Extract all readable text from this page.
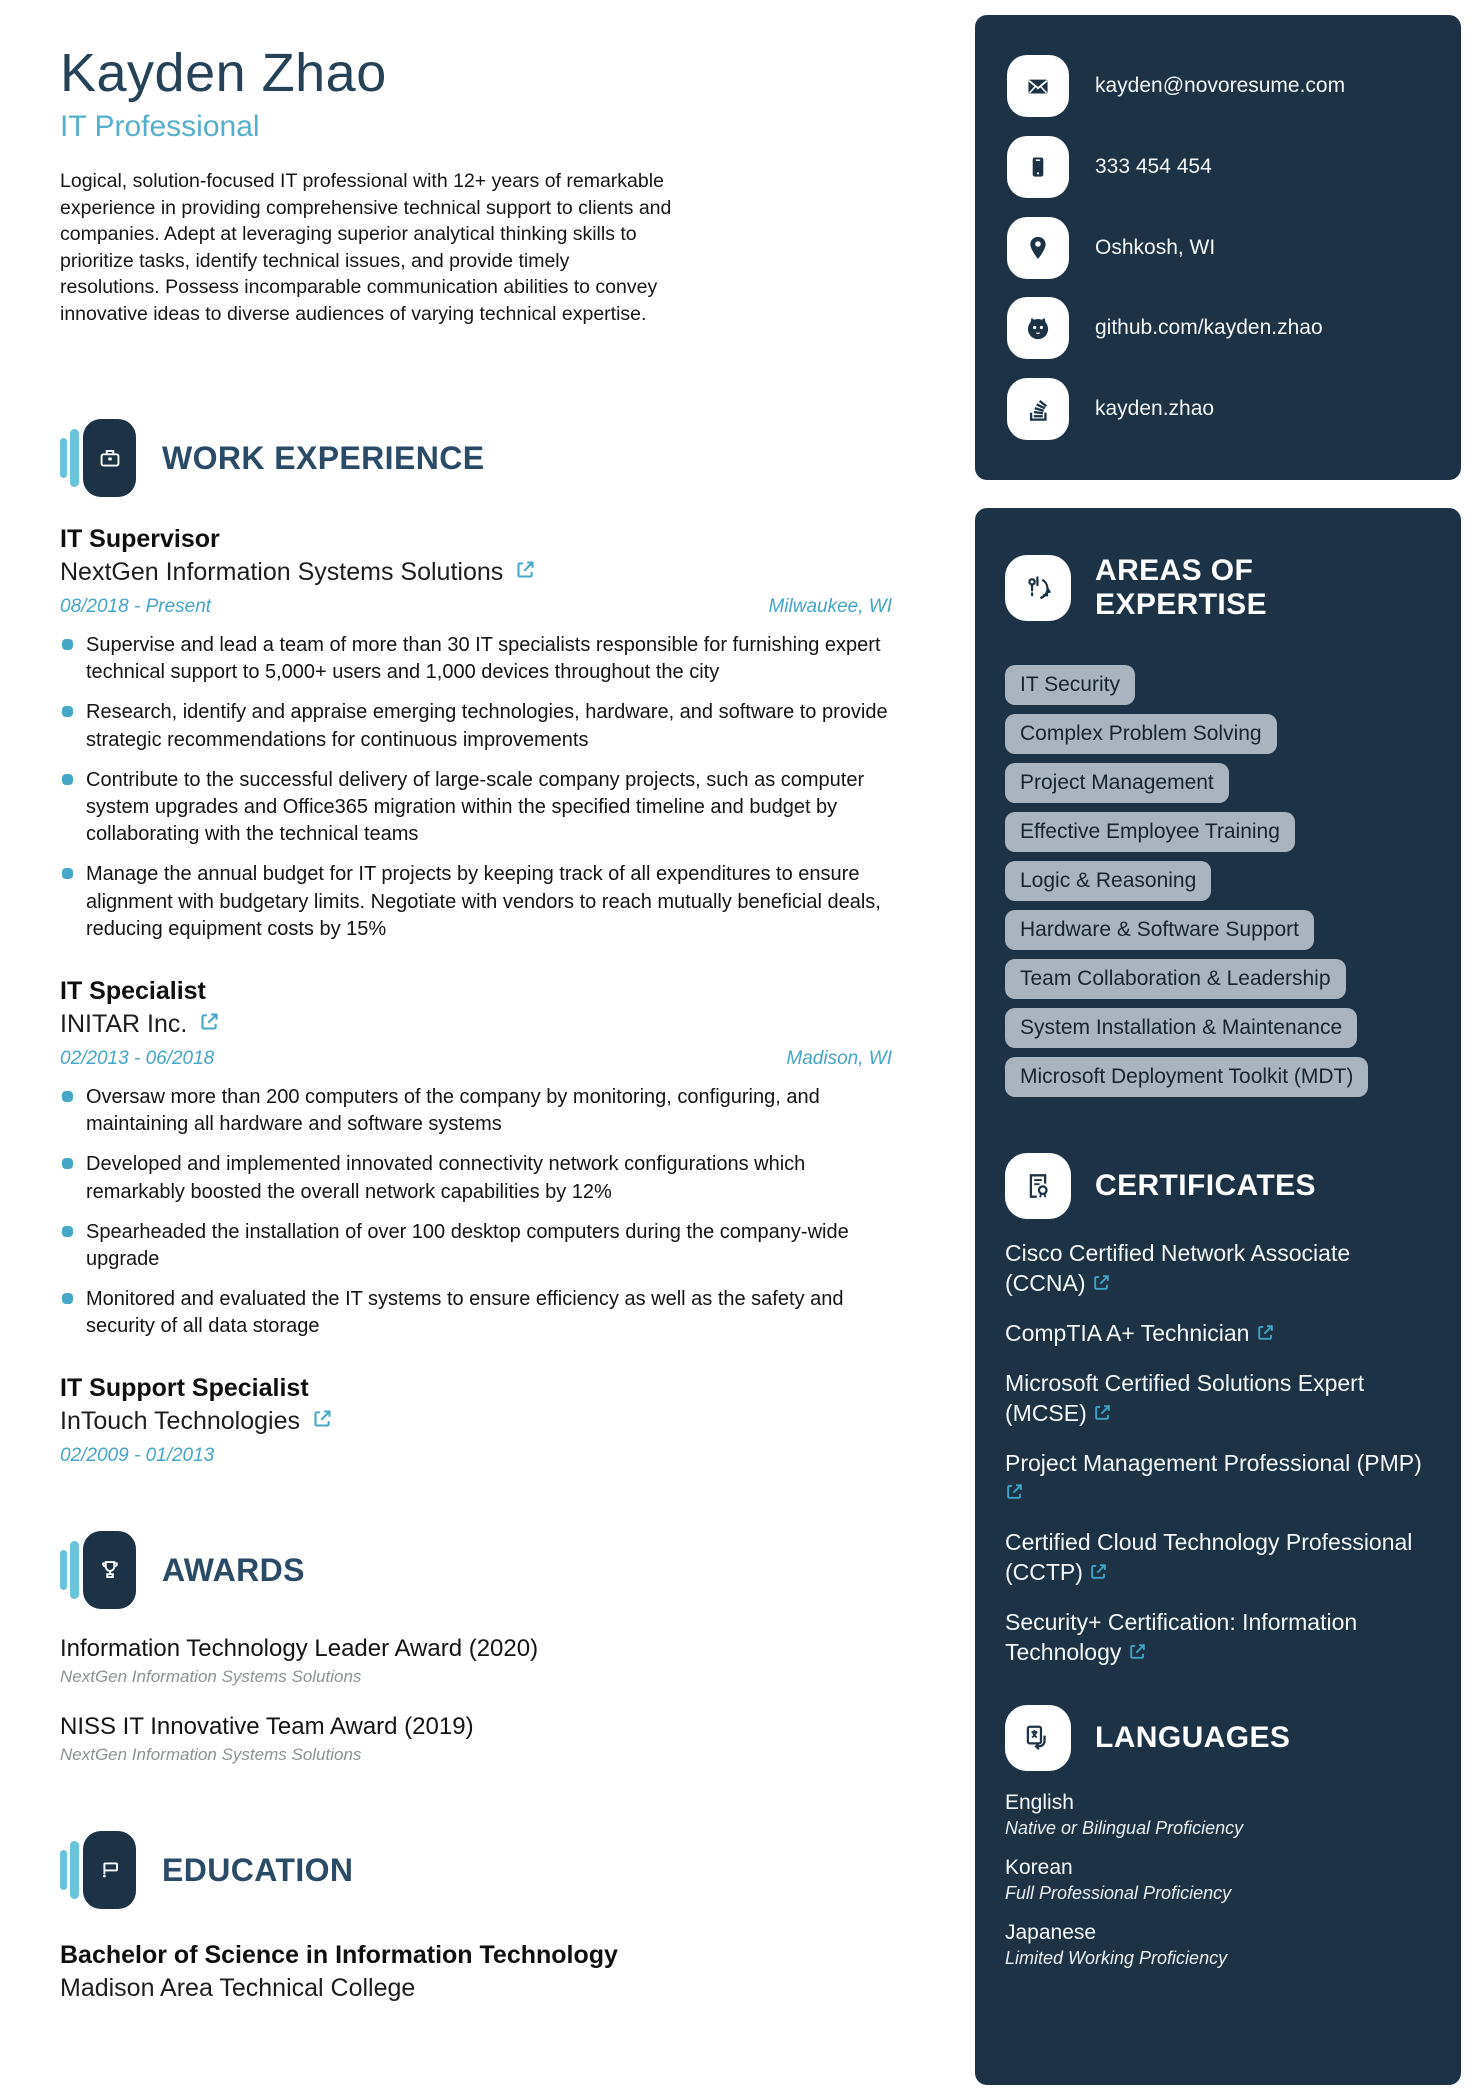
Kayden Zhao
IT Professional
Logical, solution-focused IT professional with 12+ years of remarkable experience in providing comprehensive technical support to clients and companies. Adept at leveraging superior analytical thinking skills to prioritize tasks, identify technical issues, and provide timely resolutions. Possess incomparable communication abilities to convey innovative ideas to diverse audiences of varying technical expertise.
WORK EXPERIENCE
IT Supervisor
NextGen Information Systems Solutions
08/2018 - Present	Milwaukee, WI
Supervise and lead a team of more than 30 IT specialists responsible for furnishing expert technical support to 5,000+ users and 1,000 devices throughout the city
Research, identify and appraise emerging technologies, hardware, and software to provide strategic recommendations for continuous improvements
Contribute to the successful delivery of large-scale company projects, such as computer system upgrades and Office365 migration within the specified timeline and budget by collaborating with the technical teams
Manage the annual budget for IT projects by keeping track of all expenditures to ensure alignment with budgetary limits. Negotiate with vendors to reach mutually beneficial deals, reducing equipment costs by 15%
IT Specialist
INITAR Inc.
02/2013 - 06/2018	Madison, WI
Oversaw more than 200 computers of the company by monitoring, configuring, and maintaining all hardware and software systems
Developed and implemented innovated connectivity network configurations which remarkably boosted the overall network capabilities by 12%
Spearheaded the installation of over 100 desktop computers during the company-wide upgrade
Monitored and evaluated the IT systems to ensure efficiency as well as the safety and security of all data storage
IT Support Specialist
InTouch Technologies
02/2009 - 01/2013
AWARDS
Information Technology Leader Award (2020)
NextGen Information Systems Solutions
NISS IT Innovative Team Award (2019)
NextGen Information Systems Solutions
EDUCATION
Bachelor of Science in Information Technology
Madison Area Technical College
kayden@novoresume.com
333 454 454
Oshkosh, WI
github.com/kayden.zhao
kayden.zhao
AREAS OF EXPERTISE
IT Security
Complex Problem Solving
Project Management
Effective Employee Training
Logic & Reasoning
Hardware & Software Support
Team Collaboration & Leadership
System Installation & Maintenance
Microsoft Deployment Toolkit (MDT)
CERTIFICATES
Cisco Certified Network Associate (CCNA)
CompTIA A+ Technician
Microsoft Certified Solutions Expert (MCSE)
Project Management Professional (PMP)
Certified Cloud Technology Professional (CCTP)
Security+ Certification: Information Technology
LANGUAGES
English
Native or Bilingual Proficiency
Korean
Full Professional Proficiency
Japanese
Limited Working Proficiency
